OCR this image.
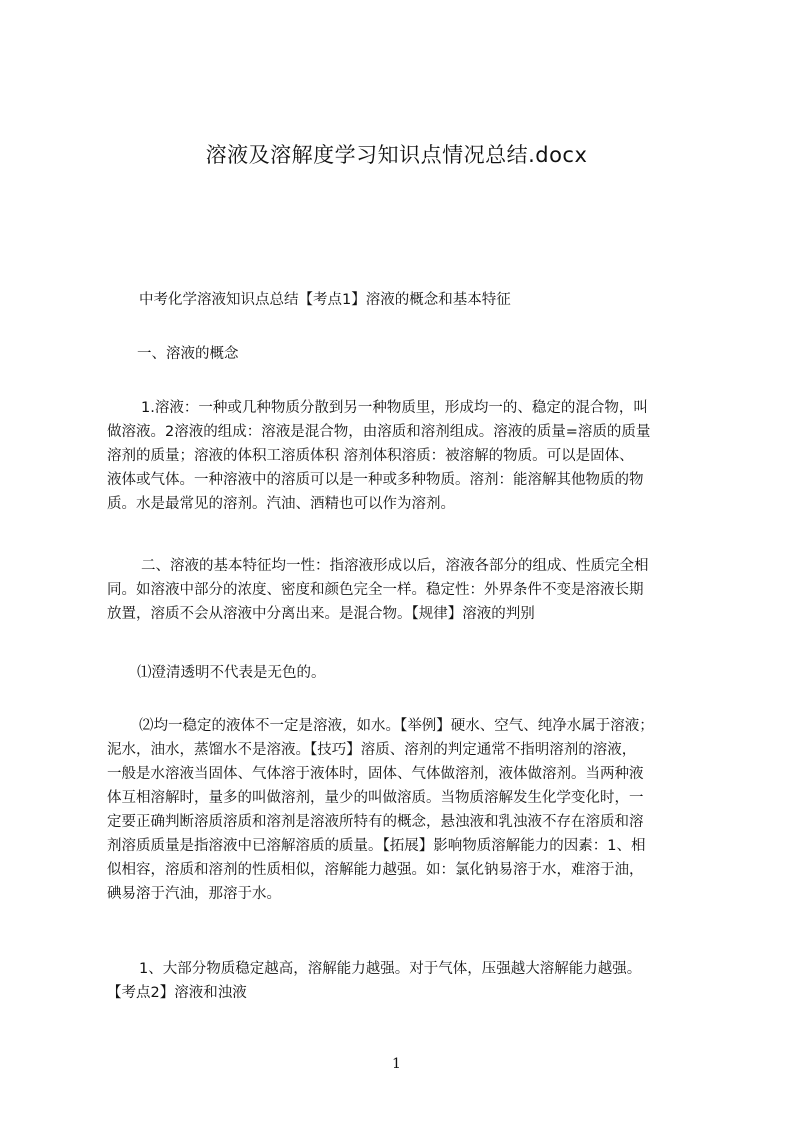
溶液及溶解度学习知识点情况总结.docx

中考化学溶液知识点总结【考点1】溶液的概念和基本特征

一、溶液的概念

1.溶液：一种或几种物质分散到另一种物质里，形成均一的、稳定的混合物，叫
做溶液。2溶液的组成：溶液是混合物，由溶质和溶剂组成。溶液的质量=溶质的质量
溶剂的质量；溶液的体积工溶质体积 溶剂体积溶质：被溶解的物质。可以是固体、
液体或气体。一种溶液中的溶质可以是一种或多种物质。溶剂：能溶解其他物质的物
质。水是最常见的溶剂。汽油、酒精也可以作为溶剂。

二、溶液的基本特征均一性：指溶液形成以后，溶液各部分的组成、性质完全相
同。如溶液中部分的浓度、密度和颜色完全一样。稳定性：外界条件不变是溶液长期
放置，溶质不会从溶液中分离出来。是混合物。【规律】溶液的判别

⑴澄清透明不代表是无色的。

⑵均一稳定的液体不一定是溶液，如水。【举例】硬水、空气、纯净水属于溶液；
泥水，油水，蒸馏水不是溶液。【技巧】溶质、溶剂的判定通常不指明溶剂的溶液，
一般是水溶液当固体、气体溶于液体时，固体、气体做溶剂，液体做溶剂。当两种液
体互相溶解时，量多的叫做溶剂，量少的叫做溶质。当物质溶解发生化学变化时，一
定要正确判断溶质溶质和溶剂是溶液所特有的概念，悬浊液和乳浊液不存在溶质和溶
剂溶质质量是指溶液中已溶解溶质的质量。【拓展】影响物质溶解能力的因素：1、相
似相容，溶质和溶剂的性质相似，溶解能力越强。如：氯化钠易溶于水，难溶于油，
碘易溶于汽油，那溶于水。

1、大部分物质稳定越高，溶解能力越强。对于气体，压强越大溶解能力越强。
【考点2】溶液和浊液

1
